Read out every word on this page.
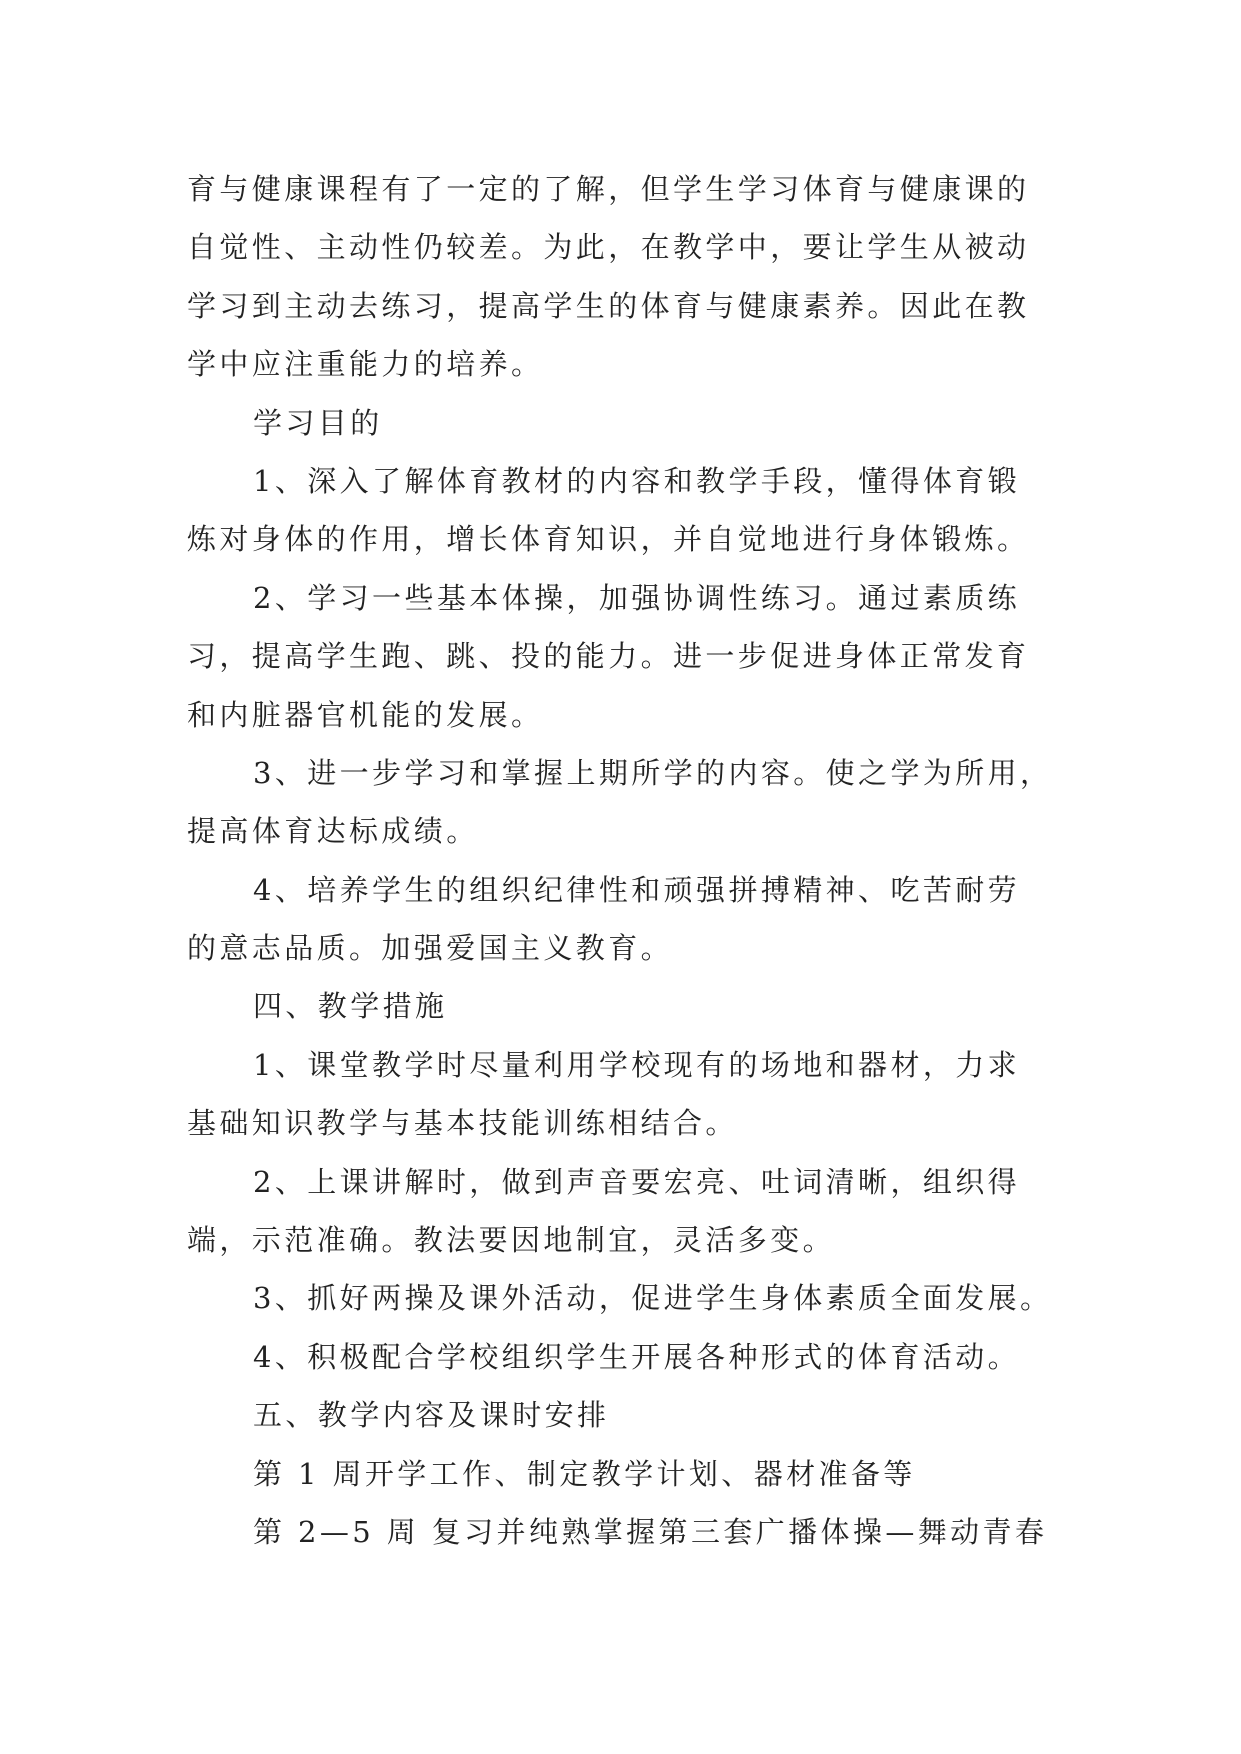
育与健康课程有了一定的了解，但学生学习体育与健康课的
自觉性、主动性仍较差。为此，在教学中，要让学生从被动
学习到主动去练习，提高学生的体育与健康素养。因此在教
学中应注重能力的培养。
学习目的
1、深入了解体育教材的内容和教学手段，懂得体育锻
炼对身体的作用，增长体育知识，并自觉地进行身体锻炼。
2、学习一些基本体操，加强协调性练习。通过素质练
习，提高学生跑、跳、投的能力。进一步促进身体正常发育
和内脏器官机能的发展。
3、进一步学习和掌握上期所学的内容。使之学为所用，
提高体育达标成绩。
4、培养学生的组织纪律性和顽强拼搏精神、吃苦耐劳
的意志品质。加强爱国主义教育。
四、教学措施
1、课堂教学时尽量利用学校现有的场地和器材，力求
基础知识教学与基本技能训练相结合。
2、上课讲解时，做到声音要宏亮、吐词清晰，组织得
端，示范准确。教法要因地制宜，灵活多变。
3、抓好两操及课外活动，促进学生身体素质全面发展。
4、积极配合学校组织学生开展各种形式的体育活动。
五、教学内容及课时安排
第 1 周开学工作、制定教学计划、器材准备等
第 2—5 周 复习并纯熟掌握第三套广播体操—舞动青春
